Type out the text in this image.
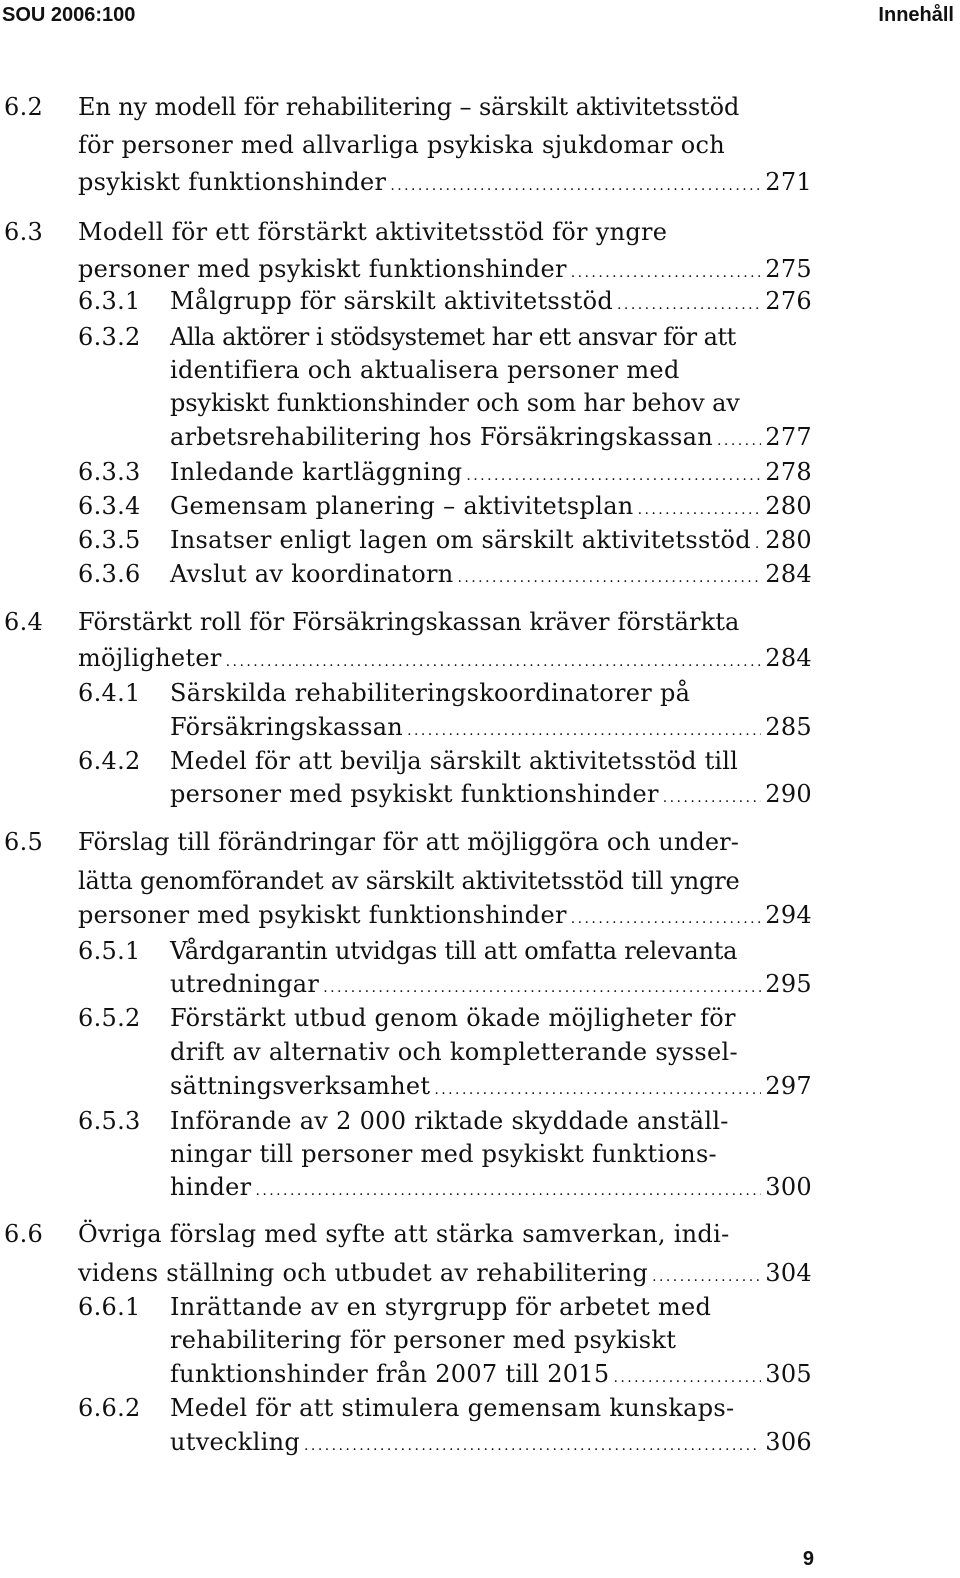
SOU 2006:100	Innehåll
6.2 En ny modell för rehabilitering – särskilt aktivitetsstöd
för personer med allvarliga psykiska sjukdomar och
psykiskt funktionshinder . . .	271
6.3 Modell för ett förstärkt aktivitetsstöd för yngre
personer med psykiskt funktionshinder . . .	275
6.3.1 Målgrupp för särskilt aktivitetsstöd . . .	276
6.3.2 Alla aktörer i stödsystemet har ett ansvar för att
identifiera och aktualisera personer med
psykiskt funktionshinder och som har behov av
arbetsrehabilitering hos Försäkringskassan . . . 277
6.3.3 Inledande kartläggning . . .	278
6.3.4 Gemensam planering – aktivitetsplan . . .	280
6.3.5 Insatser enligt lagen om särskilt aktivitetsstöd . . . 280
6.3.6 Avslut av koordinatorn . . .	284
6.4 Förstärkt roll för Försäkringskassan kräver förstärkta
möjligheter . . .	284
6.4.1 Särskilda rehabiliteringskoordinatorer på
Försäkringskassan . . .	285
6.4.2 Medel för att bevilja särskilt aktivitetsstöd till
personer med psykiskt funktionshinder . . .	290
6.5 Förslag till förändringar för att möjliggöra och under-
lätta genomförandet av särskilt aktivitetsstöd till yngre
personer med psykiskt funktionshinder . . .	294
6.5.1 Vårdgarantin utvidgas till att omfatta relevanta
utredningar . . .	295
6.5.2 Förstärkt utbud genom ökade möjligheter för
drift av alternativ och kompletterande syssel-
sättningsverksamhet . . .	297
6.5.3 Införande av 2 000 riktade skyddade anställ-
ningar till personer med psykiskt funktions-
hinder . . .	300
6.6 Övriga förslag med syfte att stärka samverkan, indi-
videns ställning och utbudet av rehabilitering . . .	304
6.6.1 Inrättande av en styrgrupp för arbetet med
rehabilitering för personer med psykiskt
funktionshinder från 2007 till 2015 . . .	305
6.6.2 Medel för att stimulera gemensam kunskaps-
utveckling . . .	306
9
